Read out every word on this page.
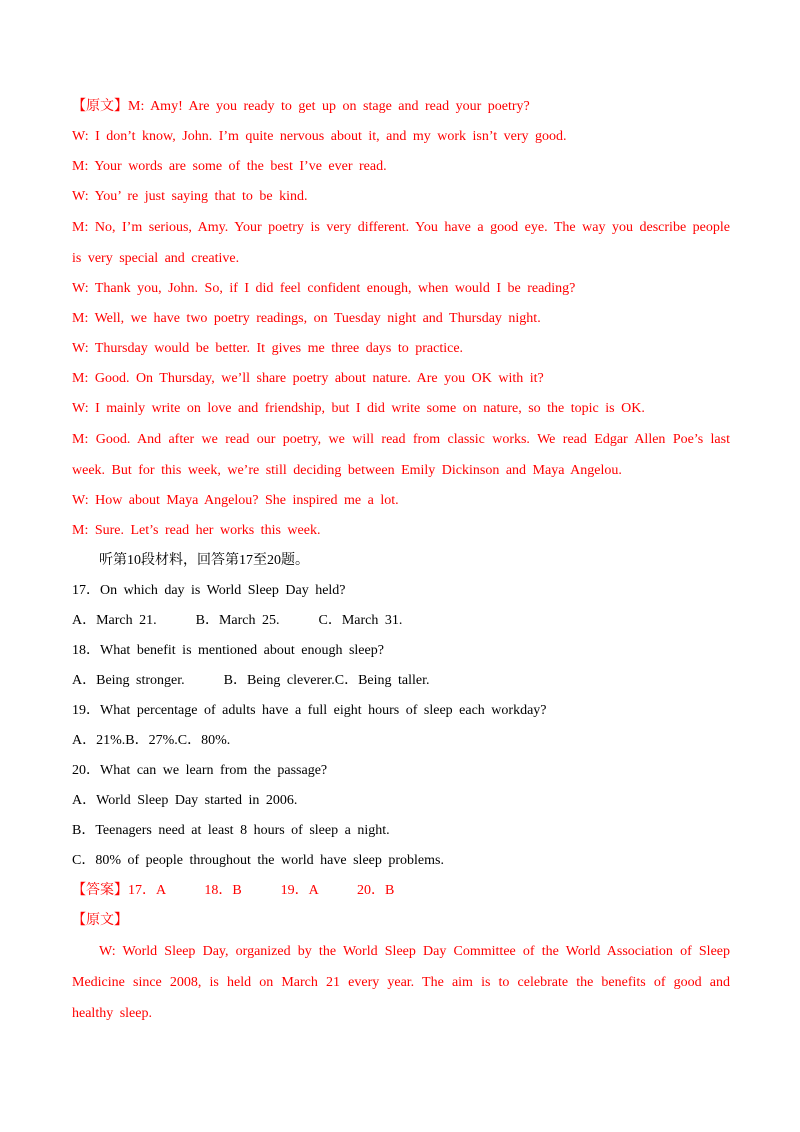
【原文】M: Amy! Are you ready to get up on stage and read your poetry?
W: I don’t know, John. I’m quite nervous about it, and my work isn’t very good.
M: Your words are some of the best I’ve ever read.
W: You’ re just saying that to be kind.
M: No, I’m serious, Amy. Your poetry is very different. You have a good eye. The way you describe people is very special and creative.
W: Thank you, John. So, if I did feel confident enough, when would I be reading?
M: Well, we have two poetry readings, on Tuesday night and Thursday night.
W: Thursday would be better. It gives me three days to practice.
M: Good. On Thursday, we’ll share poetry about nature. Are you OK with it?
W: I mainly write on love and friendship, but I did write some on nature, so the topic is OK.
M: Good. And after we read our poetry, we will read from classic works. We read Edgar Allen Poe’s last week. But for this week, we’re still deciding between Emily Dickinson and Maya Angelou.
W: How about Maya Angelou? She inspired me a lot.
M: Sure. Let’s read her works this week.
听第10段材料，回答第17至20题。
17．On which day is World Sleep Day held?
A．March 21.      B．March 25.      C．March 31.
18．What benefit is mentioned about enough sleep?
A．Being stronger.      B．Being cleverer.C．Being taller.
19．What percentage of adults have a full eight hours of sleep each workday?
A．21%.B．27%.C．80%.
20．What can we learn from the passage?
A．World Sleep Day started in 2006.
B．Teenagers need at least 8 hours of sleep a night.
C．80% of people throughout the world have sleep problems.
【答案】17．A      18．B      19．A      20．B
【原文】
W: World Sleep Day, organized by the World Sleep Day Committee of the World Association of Sleep Medicine since 2008, is held on March 21 every year. The aim is to celebrate the benefits of good and healthy sleep.
